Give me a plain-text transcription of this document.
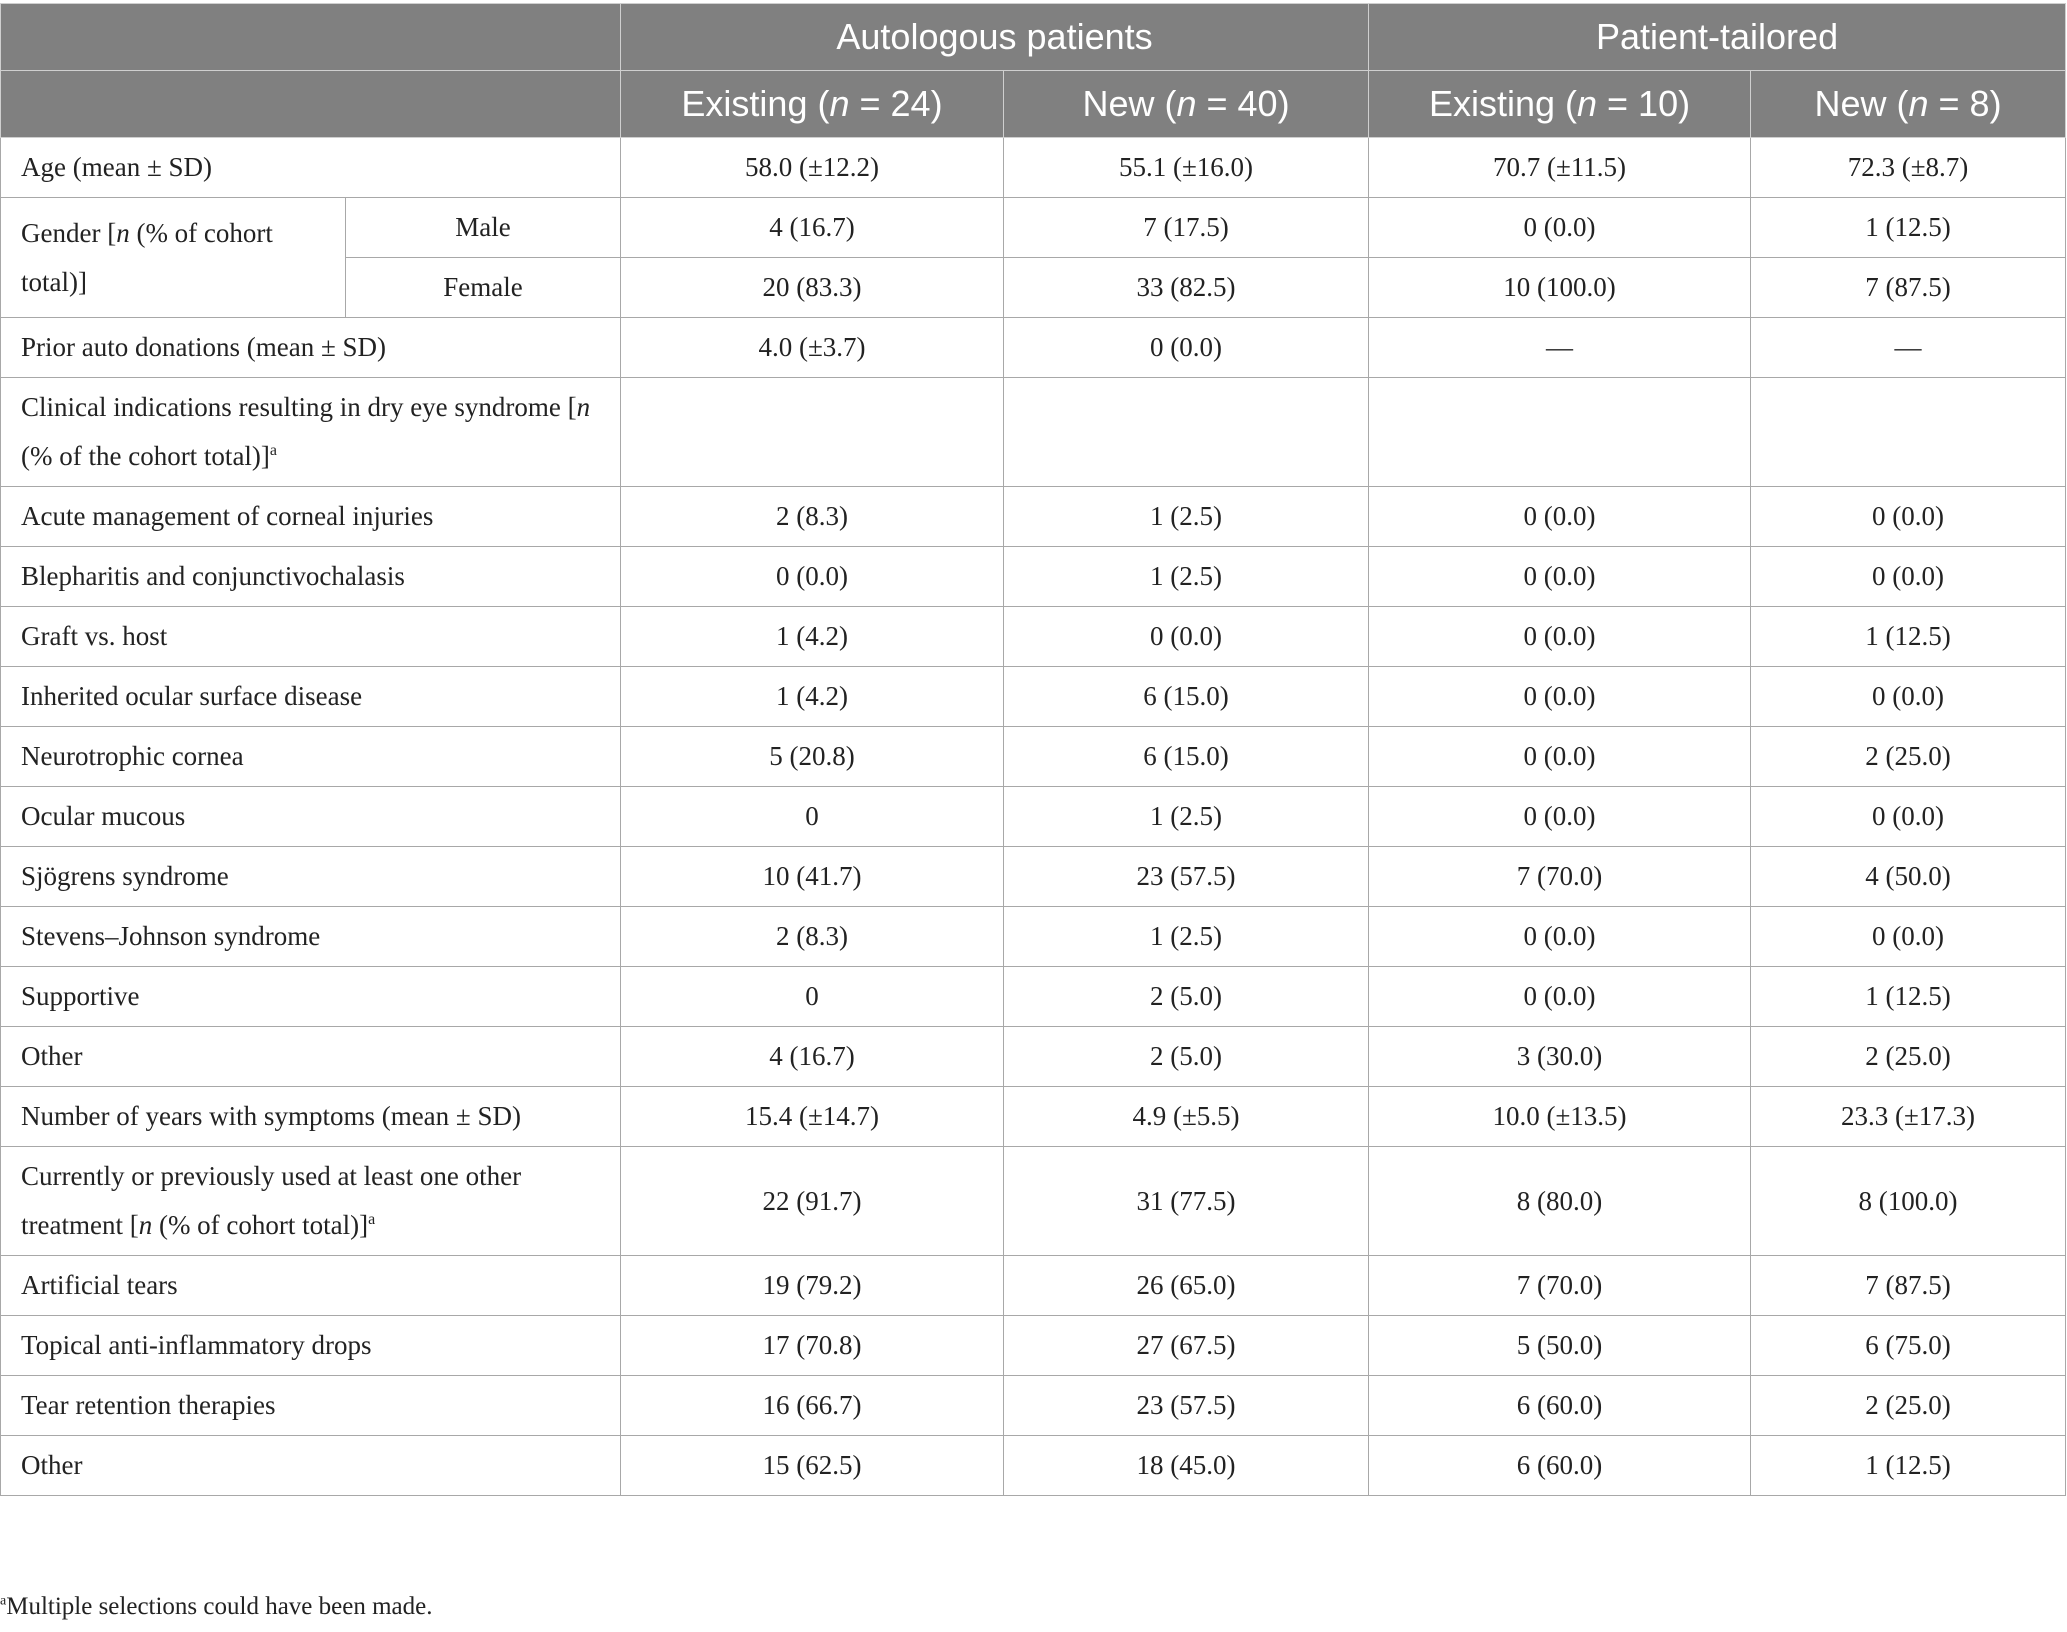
		Autologous patients		Patient-tailored	
		Existing (n = 24)	New (n = 40)	Existing (n = 10)	New (n = 8)
Age (mean ± SD)		58.0 (±12.2)	55.1 (±16.0)	70.7 (±11.5)	72.3 (±8.7)
Gender [n (% of cohort total)]	Male	4 (16.7)	7 (17.5)	0 (0.0)	1 (12.5)
	Female	20 (83.3)	33 (82.5)	10 (100.0)	7 (87.5)
Prior auto donations (mean ± SD)		4.0 (±3.7)	0 (0.0)	—	—
Clinical indications resulting in dry eye syndrome [n (% of the cohort total)]$^a$				
Acute management of corneal injuries		2 (8.3)	1 (2.5)	0 (0.0)	0 (0.0)
Blepharitis and conjunctivochalasis		0 (0.0)	1 (2.5)	0 (0.0)	0 (0.0)
Graft vs. host		1 (4.2)	0 (0.0)	0 (0.0)	1 (12.5)
Inherited ocular surface disease		1 (4.2)	6 (15.0)	0 (0.0)	0 (0.0)
Neurotrophic cornea		5 (20.8)	6 (15.0)	0 (0.0)	2 (25.0)
Ocular mucous		0	1 (2.5)	0 (0.0)	0 (0.0)
Sjögrens syndrome		10 (41.7)	23 (57.5)	7 (70.0)	4 (50.0)
Stevens–Johnson syndrome		2 (8.3)	1 (2.5)	0 (0.0)	0 (0.0)
Supportive		0	2 (5.0)	0 (0.0)	1 (12.5)
Other		4 (16.7)	2 (5.0)	3 (30.0)	2 (25.0)
Number of years with symptoms (mean ± SD)		15.4 (±14.7)	4.9 (±5.5)	10.0 (±13.5)	23.3 (±17.3)
Currently or previously used at least one other treatment [n (% of cohort total)]$^a$		22 (91.7)	31 (77.5)	8 (80.0)	8 (100.0)
Artificial tears		19 (79.2)	26 (65.0)	7 (70.0)	7 (87.5)
Topical anti-inflammatory drops		17 (70.8)	27 (67.5)	5 (50.0)	6 (75.0)
Tear retention therapies		16 (66.7)	23 (57.5)	6 (60.0)	2 (25.0)
Other		15 (62.5)	18 (45.0)	6 (60.0)	1 (12.5)
$^a$Multiple selections could have been made.
